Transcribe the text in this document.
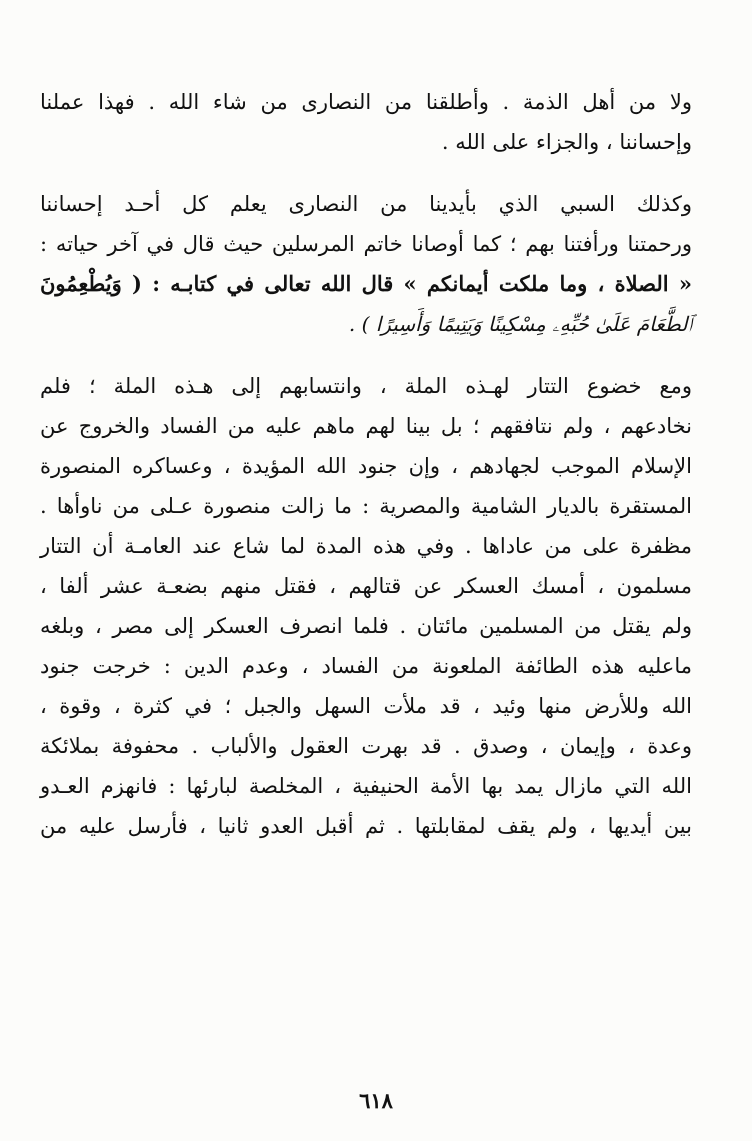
ولا من أهل الذمة . وأطلقنا من النصارى من شاء الله . فهذا عملنا

وإحساننا ، والجزاء على الله .

وكذلك السبي الذي بأيدينا من النصارى يعلم كل أحـد إحساننا

ورحمتنا ورأفتنا بهم ؛ كما أوصانا خاتم المرسلين حيث قال في آخر حياته :

« الصلاة ، وما ملكت أيمانكم » قال الله تعالى في كتابـه : ( وَيُطْعِمُونَ

ٱلطَّعَامَ عَلَىٰ حُبِّهِۦ مِسْكِينًا وَيَتِيمًا وَأَسِيرًا ) .

ومع خضوع التتار لهـذه الملة ، وانتسابهم إلى هـذه الملة ؛ فلم

نخادعهم ، ولم نتافقهم ؛ بل بينا لهم ماهم عليه من الفساد والخروج عن

الإسلام الموجب لجهادهم ، وإن جنود الله المؤيدة ، وعساكره المنصورة

المستقرة بالديار الشامية والمصرية : ما زالت منصورة عـلى من ناوأها .

مظفرة على من عاداها . وفي هذه المدة لما شاع عند العامـة أن التتار

مسلمون ، أمسك العسكر عن قتالهم ، فقتل منهم بضعـة عشر ألفا ،

ولم يقتل من المسلمين مائتان . فلما انصرف العسكر إلى مصر ، وبلغه

ماعليه هذه الطائفة الملعونة من الفساد ، وعدم الدين : خرجت جنود

الله وللأرض منها وئيد ، قد ملأت السهل والجبل ؛ في كثرة ، وقوة ،

وعدة ، وإيمان ، وصدق . قد بهرت العقول والألباب . محفوفة بملائكة

الله التي مازال يمد بها الأمة الحنيفية ، المخلصة لبارئها : فانهزم العـدو

بين أيديها ، ولم يقف لمقابلتها . ثم أقبل العدو ثانيا ، فأرسل عليه من

٦١٨
